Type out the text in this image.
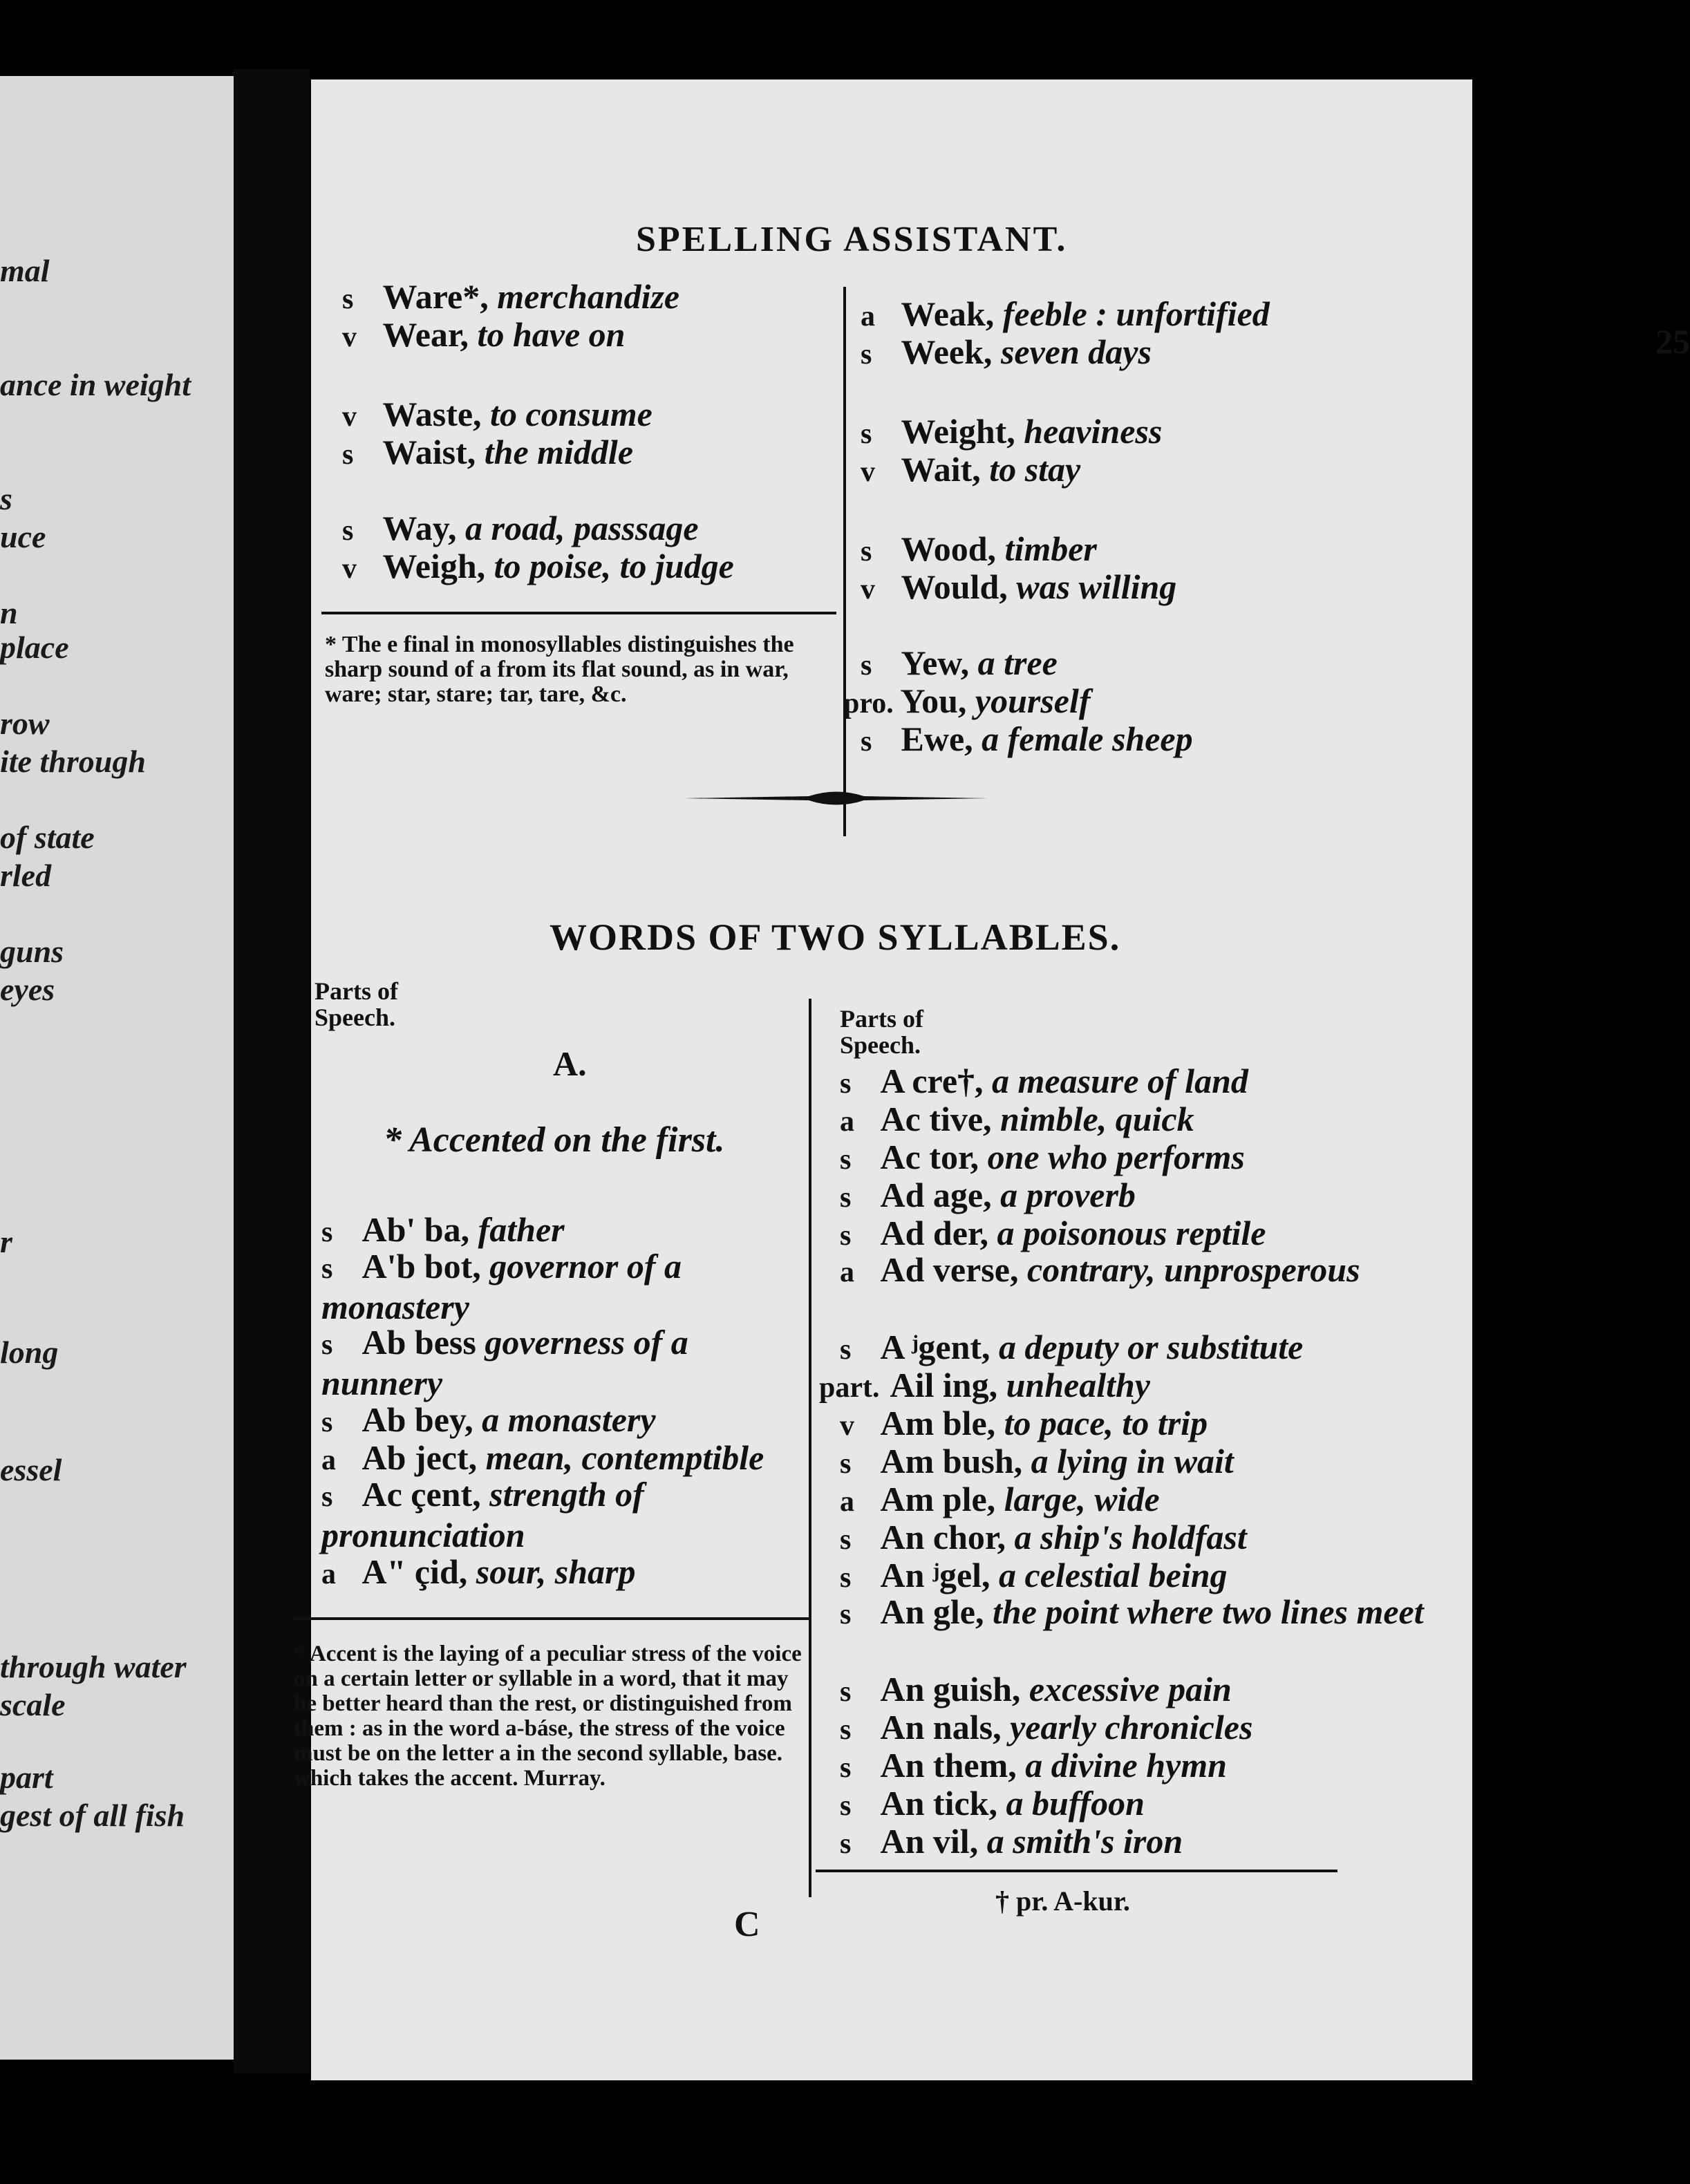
mal
ance in weight
s
uce
n
place
row
ite through
of state
rled
guns
eyes
r
long
essel
through water
scale
part
gest of all fish
SPELLING ASSISTANT.
25
s Ware*, merchandize
v Wear, to have on
v Waste, to consume
s Waist, the middle
s Way, a road, passsage
v Weigh, to poise, to judge
* The e final in monosyllables distinguishes the sharp sound of a from its flat sound, as in war, ware; star, stare; tar, tare, &c.
a Weak, feeble : unfortified
s Week, seven days
s Weight, heaviness
v Wait, to stay
s Wood, timber
v Would, was willing
s Yew, a tree
pro. You, yourself
s Ewe, a female sheep
WORDS OF TWO SYLLABLES.
Parts of Speech.	Parts of Speech.
A.
* Accented on the first.
s Ab' ba, father
s A'b bot, governor of a monastery
s Ab bess governess of a nunnery
s Ab bey, a monastery
a Ab ject, mean, contemptible
s Ac çent, strength of pronunciation
a A" çid, sour, sharp
* Accent is the laying of a peculiar stress of the voice on a certain letter or syllable in a word, that it may be better heard than the rest, or distinguished from them : as in the word a-báse, the stress of the voice must be on the letter a in the second syllable, base. which takes the accent. Murray.
s A cre†, a measure of land
a Ac tive, nimble, quick
s Ac tor, one who performs
s Ad age, a proverb
s Ad der, a poisonous reptile
a Ad verse, contrary, unprosperous
s A ʲgent, a deputy or substitute
part. Ail ing, unhealthy
v Am ble, to pace, to trip
s Am bush, a lying in wait
a Am ple, large, wide
s An chor, a ship's holdfast
s An ʲgel, a celestial being
s An gle, the point where two lines meet
s An guish, excessive pain
s An nals, yearly chronicles
s An them, a divine hymn
s An tick, a buffoon
s An vil, a smith's iron
† pr. A-kur.
C
